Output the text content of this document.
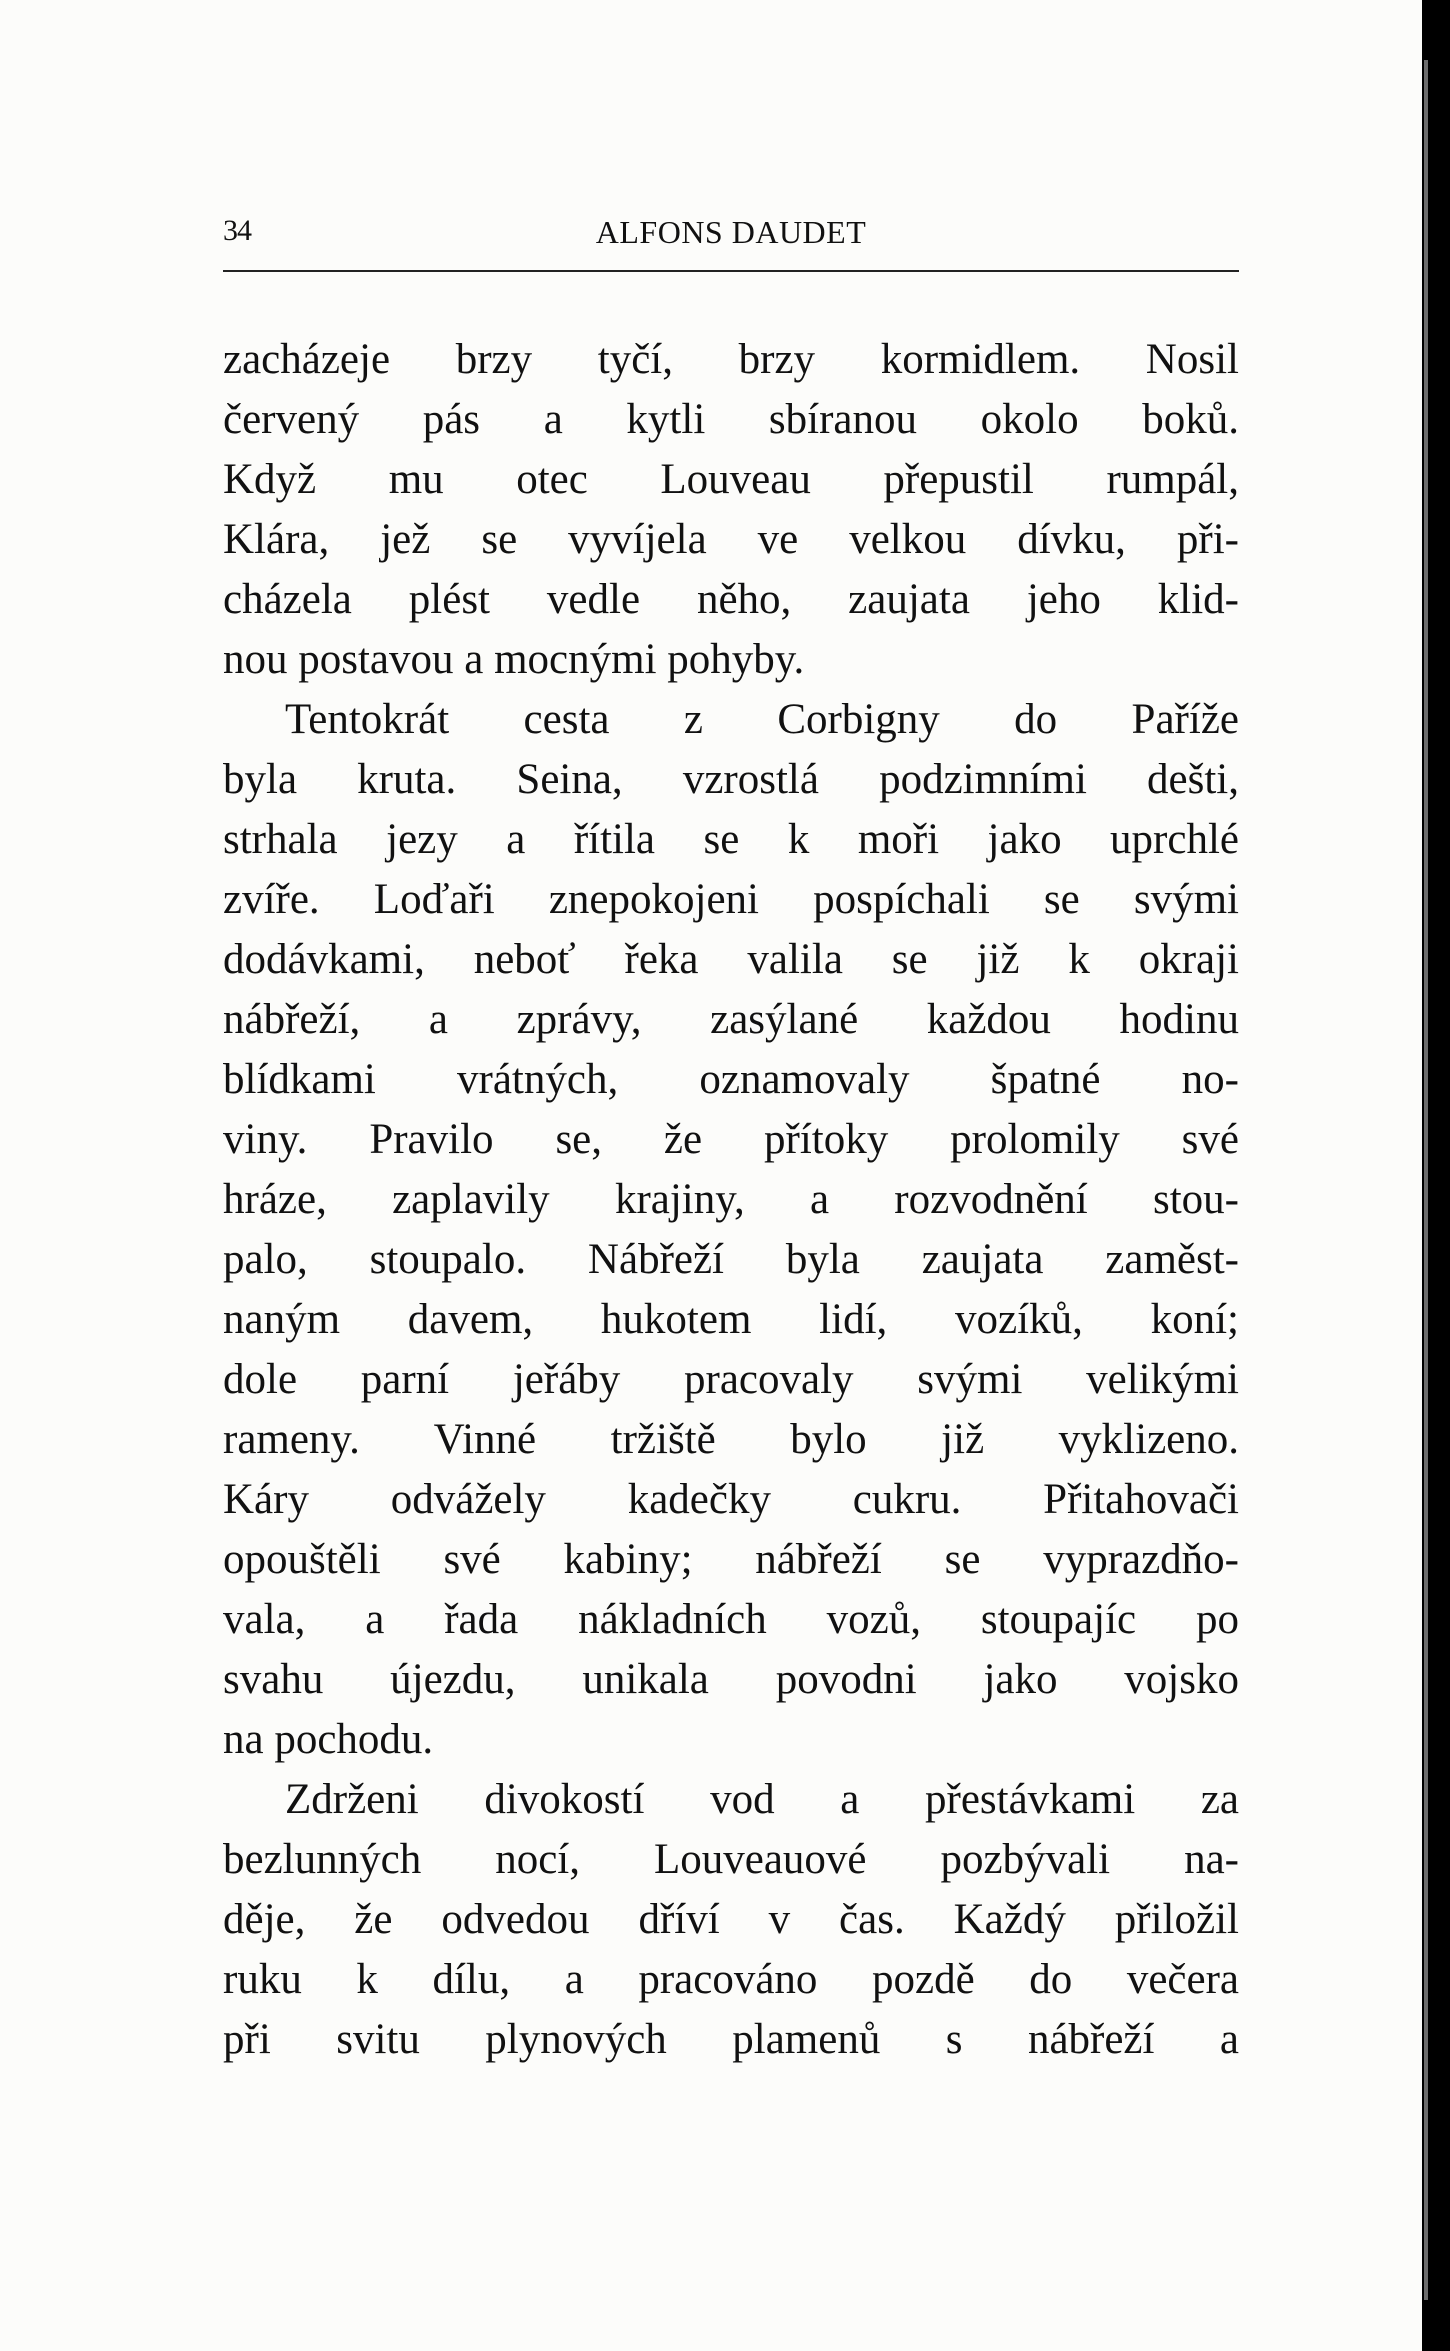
34	ALFONS DAUDET
zacházeje brzy tyčí, brzy kormidlem. Nosil
červený pás a kytli sbíranou okolo boků.
Když mu otec Louveau přepustil rumpál,
Klára, jež se vyvíjela ve velkou dívku, při-
cházela plést vedle něho, zaujata jeho klid-
nou postavou a mocnými pohyby.
Tentokrát cesta z Corbigny do Paříže
byla kruta. Seina, vzrostlá podzimními dešti,
strhala jezy a řítila se k moři jako uprchlé
zvíře. Loďaři znepokojeni pospíchali se svými
dodávkami, neboť řeka valila se již k okraji
nábřeží, a zprávy, zasýlané každou hodinu
blídkami vrátných, oznamovaly špatné no-
viny. Pravilo se, že přítoky prolomily své
hráze, zaplavily krajiny, a rozvodnění stou-
palo, stoupalo. Nábřeží byla zaujata zaměst-
naným davem, hukotem lidí, vozíků, koní;
dole parní jeřáby pracovaly svými velikými
rameny. Vinné tržiště bylo již vyklizeno.
Káry odvážely kadečky cukru. Přitahovači
opouštěli své kabiny; nábřeží se vyprazdňo-
vala, a řada nákladních vozů, stoupajíc po
svahu újezdu, unikala povodni jako vojsko
na pochodu.
Zdrženi divokostí vod a přestávkami za
bezlunných nocí, Louveauové pozbývali na-
děje, že odvedou dříví v čas. Každý přiložil
ruku k dílu, a pracováno pozdě do večera
při svitu plynových plamenů s nábřeží a
